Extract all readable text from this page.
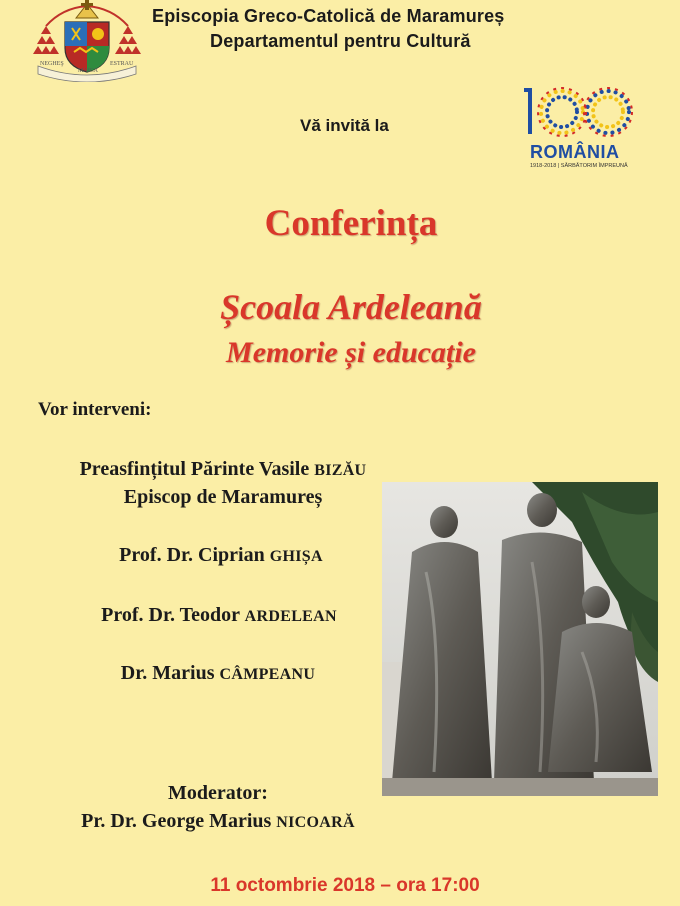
NEGHEŞ
MAICA
ESTRAU
Episcopia Greco-Catolică de Maramureș
Departamentul pentru Cultură
Vă invită la
ROMÂNIA
1918-2018 | SĂRBĂTORIM ÎMPREUNĂ
Conferința
Școala Ardeleană
Memorie și educație
Vor interveni:
Preasfințitul Părinte Vasile BIZĂU
Episcop de Maramureș
Prof. Dr. Ciprian GHIȘA
Prof. Dr. Teodor ARDELEAN
Dr. Marius CÂMPEANU
Moderator:
Pr. Dr. George Marius NICOARĂ
11 octombrie 2018 – ora 17:00
